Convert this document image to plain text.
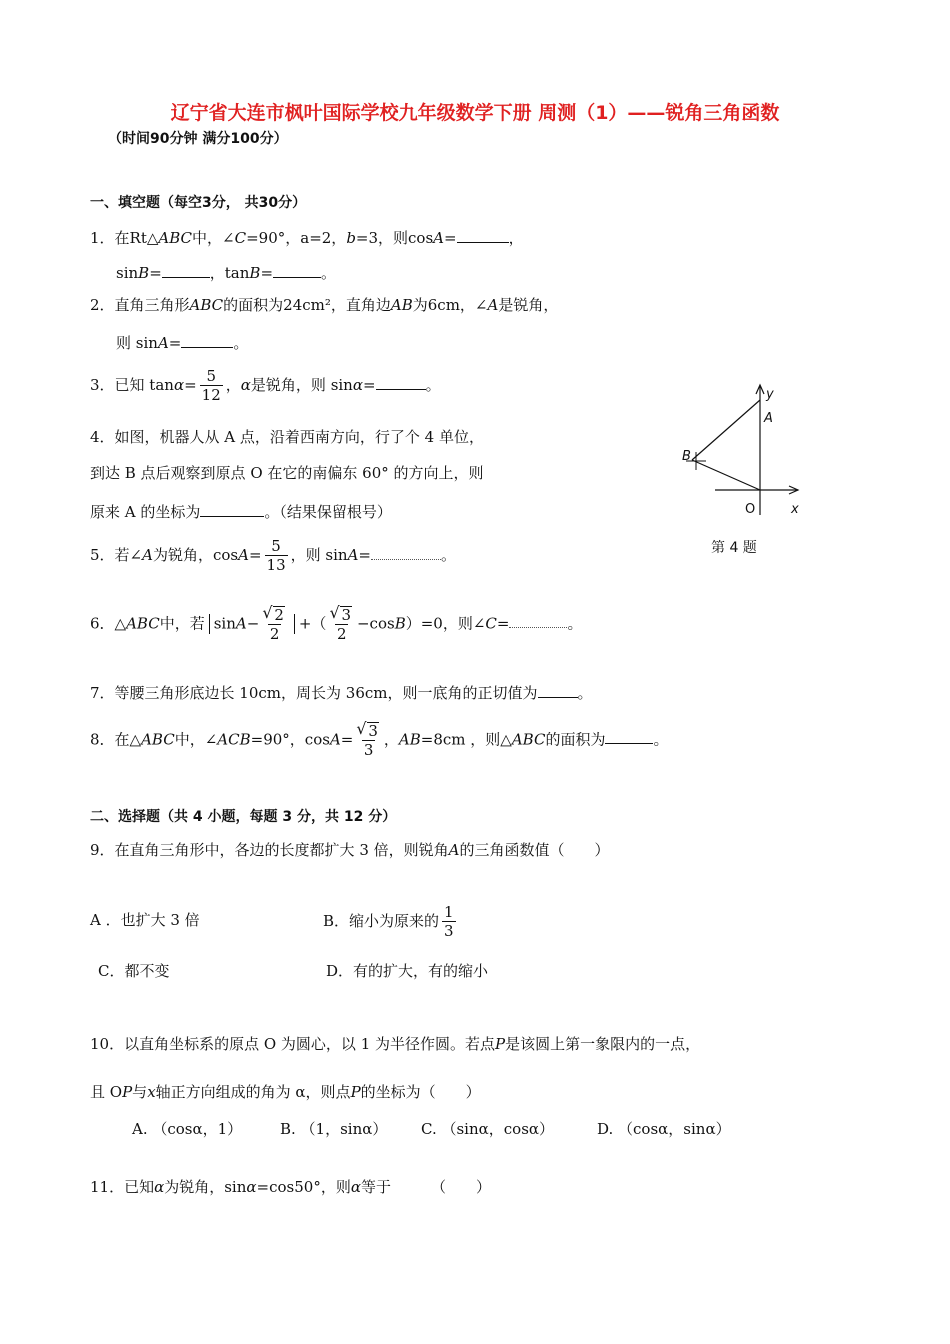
辽宁省大连市枫叶国际学校九年级数学下册 周测（1）——锐角三角函数
（时间90分钟 满分100分）
一、填空题（每空3分， 共30分）
1．在Rt△ABC中，∠C=90°，a=2，b=3，则cosA=	，
sinB=	，tanB=	。
2．直角三角形ABC的面积为24cm²，直角边AB为6cm，∠A是锐角，
则 sinA=	。
3．已知 $\tan\alpha= \frac{5}{12}$ ，α是锐角，则 sinα=	。
4．如图，机器人从 A 点，沿着西南方向，行了个 4 单位，
到达 B 点后观察到原点 O 在它的南偏东 60° 的方向上，则
原来 A 的坐标为	。（结果保留根号）
y
A
B
O	x
第 4 题
5．若∠A为锐角，$\cos A= \frac{5}{13}$ ，则 sinA=	。
6．△ABC中，若 sinA− √ $\frac{2}{2}$ +（ √ $\frac{3}{2} -\cos B)=0$，则∠C=	。
7．等腰三角形底边长 10cm，周长为 36cm，则一底角的正切值为	。
8．在△ABC中，∠ACB=90°，cosA= √ $\frac{3}{3}$ ，AB=8cm ，则△ABC的面积为	。
二、选择题（共 4 小题，每题 3 分，共 12 分）
9．在直角三角形中，各边的长度都扩大 3 倍，则锐角A的三角函数值（　　）
A ．也扩大 3 倍	B．缩小为原来的 $\frac{1}{3}$
C．都不变	D．有的扩大，有的缩小
10．以直角坐标系的原点 O 为圆心，以 1 为半径作圆。若点P是该圆上第一象限内的一点，
且 OP与x轴正方向组成的角为 α，则点P的坐标为（　　）
A. （cosα，1）	B. （1，sinα） C. （sinα，cosα）	D. （cosα，sinα）
11．已知α为锐角，sinα=cos50°，则α等于	（　　）
